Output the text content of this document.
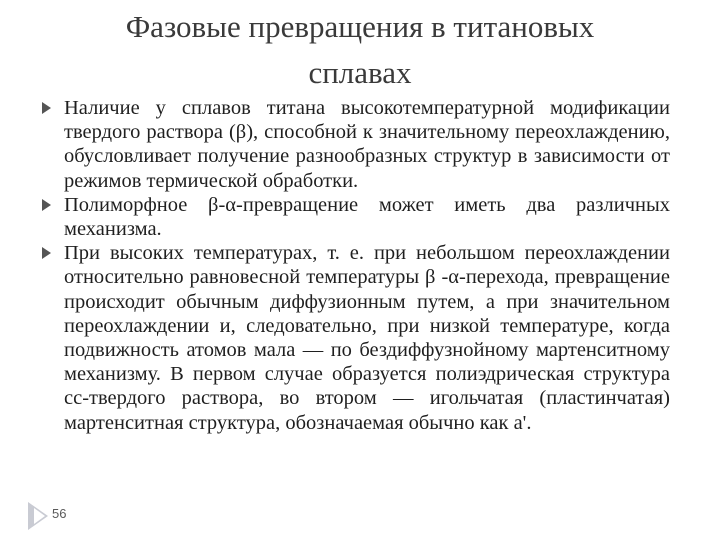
Фазовые превращения в титановых
сплавах
Наличие у сплавов титана высокотемпературной модификации твердого раствора (β), способной к значительному переохлаждению, обусловливает получение разнообразных структур в зависимости от режимов термической обработки.
Полиморфное β-α-превращение может иметь два различных механизма.
При высоких температурах, т. е. при небольшом переохлаждении относительно равновесной температуры β -α-перехода, превращение происходит обычным диффузионным путем, а при значительном переохлаждении и, следовательно, при низкой температуре, когда подвижность атомов мала — по бездиффузнойному мартенситному механизму. В первом случае образуется полиэдрическая структура сс-твердого раствора, во втором — игольчатая (пластинчатая) мартенситная структура, обозначаемая обычно как a'.
56
